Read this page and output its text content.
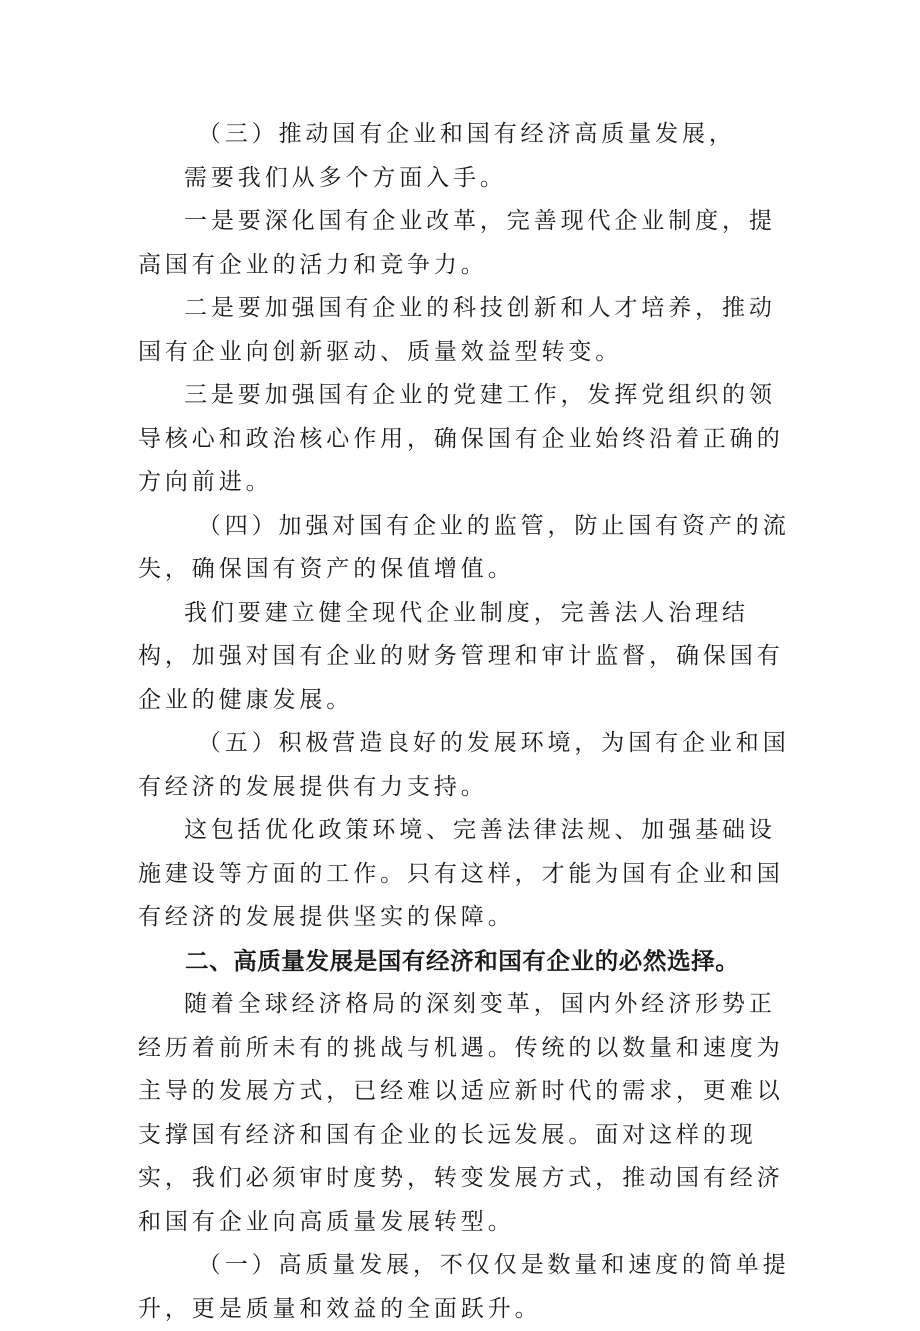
（三）推动国有企业和国有经济高质量发展，

需要我们从多个方面入手。

一是要深化国有企业改革，完善现代企业制度，提高国有企业的活力和竞争力。

二是要加强国有企业的科技创新和人才培养，推动国有企业向创新驱动、质量效益型转变。

三是要加强国有企业的党建工作，发挥党组织的领导核心和政治核心作用，确保国有企业始终沿着正确的方向前进。

（四）加强对国有企业的监管，防止国有资产的流失，确保国有资产的保值增值。

我们要建立健全现代企业制度，完善法人治理结构，加强对国有企业的财务管理和审计监督，确保国有企业的健康发展。

（五）积极营造良好的发展环境，为国有企业和国有经济的发展提供有力支持。

这包括优化政策环境、完善法律法规、加强基础设施建设等方面的工作。只有这样，才能为国有企业和国有经济的发展提供坚实的保障。

二、高质量发展是国有经济和国有企业的必然选择。

随着全球经济格局的深刻变革，国内外经济形势正经历着前所未有的挑战与机遇。传统的以数量和速度为主导的发展方式，已经难以适应新时代的需求，更难以支撑国有经济和国有企业的长远发展。面对这样的现实，我们必须审时度势，转变发展方式，推动国有经济和国有企业向高质量发展转型。

（一）高质量发展，不仅仅是数量和速度的简单提升，更是质量和效益的全面跃升。
